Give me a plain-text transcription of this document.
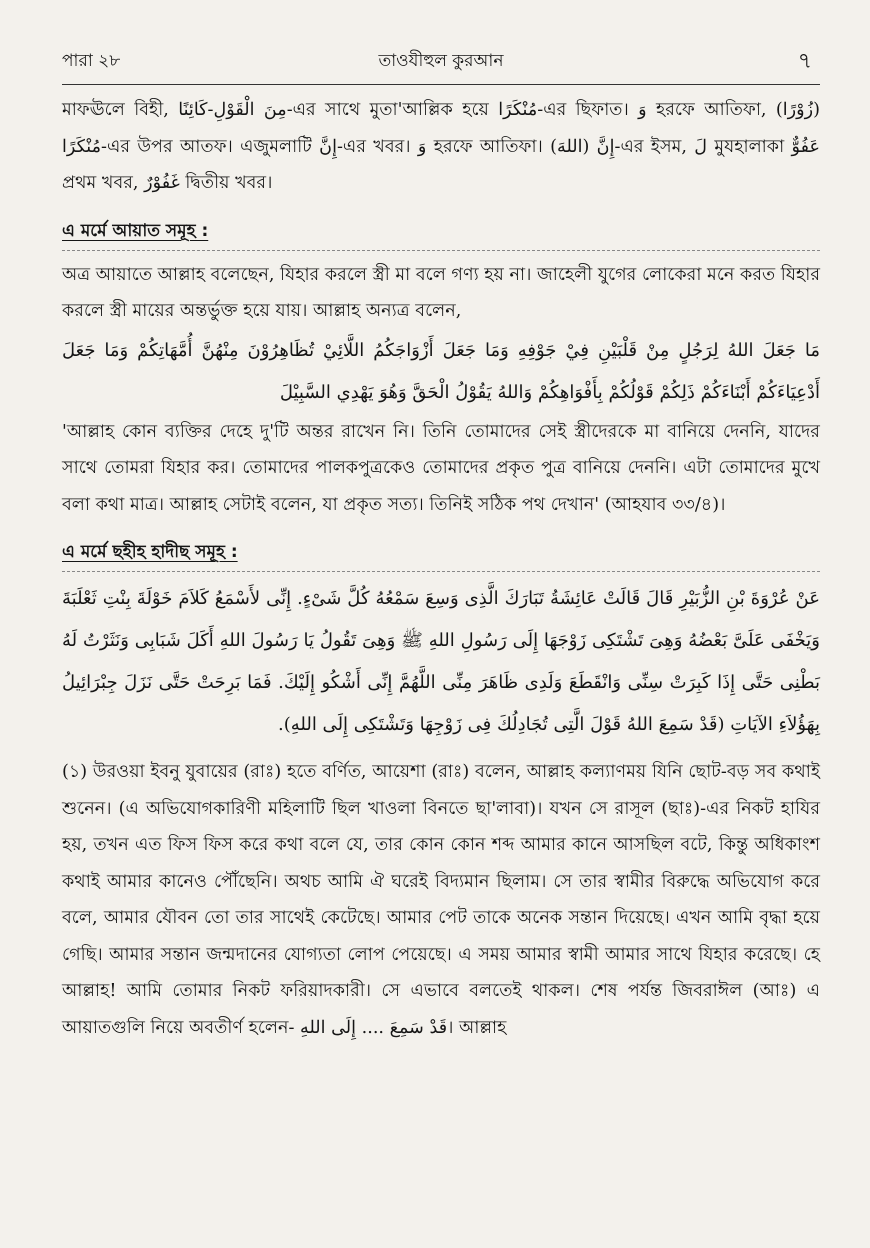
পারা ২৮	তাওযীহুল কুরআন	৭

মাফঊলে বিহী, مِنَ الْقَوْلِ-كَائِنًا-এর সাথে মুতা'আল্লিক হয়ে مُنْكَرًا-এর ছিফাত। وَ হরফে আতিফা, (زُوْرًا) مُنْكَرًا-এর উপর আতফ। এজুমলাটি إِنَّ-এর খবর। وَ হরফে আতিফা। إِنَّ (اللهَ)-এর ইসম, لَ মুযহালাকা عَفُوٌّ প্রথম খবর, غَفُوْرٌ দ্বিতীয় খবর।

এ মর্মে আয়াত সমূহ :

অত্র আয়াতে আল্লাহ বলেছেন, যিহার করলে স্ত্রী মা বলে গণ্য হয় না। জাহেলী যুগের লোকেরা মনে করত যিহার করলে স্ত্রী মায়ের অন্তর্ভুক্ত হয়ে যায়। আল্লাহ অন্যত্র বলেন,

مَا جَعَلَ اللهُ لِرَجُلٍ مِنْ قَلْبَيْنِ فِيْ جَوْفِهِ وَمَا جَعَلَ أَزْوَاجَكُمُ اللَّائِيْ تُظَاهِرُوْنَ مِنْهُنَّ أُمَّهَاتِكُمْ وَمَا جَعَلَ أَدْعِيَاءَكُمْ أَبْنَاءَكُمْ ذَلِكُمْ قَوْلُكُمْ بِأَفْوَاهِكُمْ وَاللهُ يَقُوْلُ الْحَقَّ وَهُوَ يَهْدِي السَّبِيْلَ

'আল্লাহ কোন ব্যক্তির দেহে দু'টি অন্তর রাখেন নি। তিনি তোমাদের সেই স্ত্রীদেরকে মা বানিয়ে দেননি, যাদের সাথে তোমরা যিহার কর। তোমাদের পালকপুত্রকেও তোমাদের প্রকৃত পুত্র বানিয়ে দেননি। এটা তোমাদের মুখে বলা কথা মাত্র। আল্লাহ সেটাই বলেন, যা প্রকৃত সত্য। তিনিই সঠিক পথ দেখান' (আহযাব ৩৩/৪)।

এ মর্মে ছহীহ হাদীছ সমূহ :

عَنْ عُرْوَةَ بْنِ الزُّبَيْرِ قَالَ قَالَتْ عَائِشَةُ تَبَارَكَ الَّذِى وَسِعَ سَمْعُهُ كُلَّ شَىْءٍ. إِنِّى لأَسْمَعُ كَلاَمَ خَوْلَةَ بِنْتِ ثَعْلَبَةَ وَيَخْفَى عَلَىَّ بَعْضُهُ وَهِىَ تَشْتَكِى زَوْجَهَا إِلَى رَسُولِ اللهِ ﷺ وَهِىَ تَقُولُ يَا رَسُولَ اللهِ أَكَلَ شَبَابِى وَنَثَرْتُ لَهُ بَطْنِى حَتَّى إِذَا كَبِرَتْ سِنِّى وَانْقَطَعَ وَلَدِى ظَاهَرَ مِنِّى اللَّهُمَّ إِنِّى أَشْكُو إِلَيْكَ. فَمَا بَرِحَتْ حَتَّى نَزَلَ جِبْرَائِيلُ بِهَؤُلاَءِ الآيَاتِ (قَدْ سَمِعَ اللهُ قَوْلَ الَّتِى تُجَادِلُكَ فِى زَوْجِهَا وَتَشْتَكِى إِلَى اللهِ).

(১) উরওয়া ইবনু যুবায়ের (রাঃ) হতে বর্ণিত, আয়েশা (রাঃ) বলেন, আল্লাহ কল্যাণময় যিনি ছোট-বড় সব কথাই শুনেন। (এ অভিযোগকারিণী মহিলাটি ছিল খাওলা বিনতে ছা'লাবা)। যখন সে রাসূল (ছাঃ)-এর নিকট হাযির হয়, তখন এত ফিস ফিস করে কথা বলে যে, তার কোন কোন শব্দ আমার কানে আসছিল বটে, কিন্তু অধিকাংশ কথাই আমার কানেও পৌঁছেনি। অথচ আমি ঐ ঘরেই বিদ্যমান ছিলাম। সে তার স্বামীর বিরুদ্ধে অভিযোগ করে বলে, আমার যৌবন তো তার সাথেই কেটেছে। আমার পেট তাকে অনেক সন্তান দিয়েছে। এখন আমি বৃদ্ধা হয়ে গেছি। আমার সন্তান জন্মদানের যোগ্যতা লোপ পেয়েছে। এ সময় আমার স্বামী আমার সাথে যিহার করেছে। হে আল্লাহ! আমি তোমার নিকট ফরিয়াদকারী। সে এভাবে বলতেই থাকল। শেষ পর্যন্ত জিবরাঈল (আঃ) এ আয়াতগুলি নিয়ে অবতীর্ণ হলেন- قَدْ سَمِعَ .... إِلَى اللهِ। আল্লাহ
